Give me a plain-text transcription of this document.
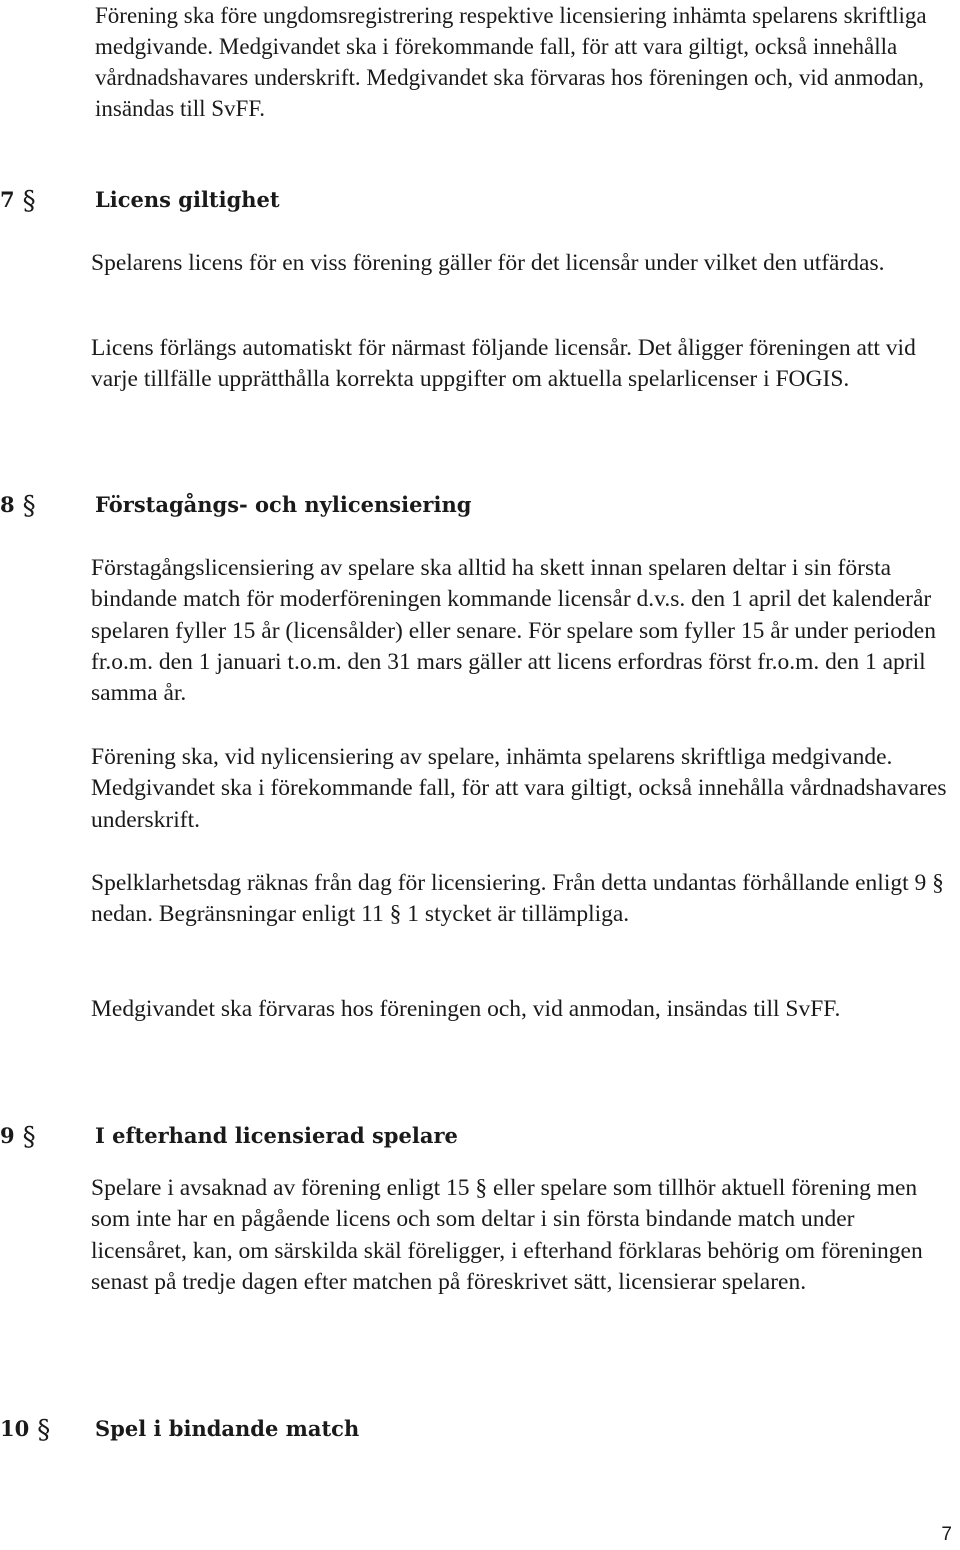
Förening ska före ungdomsregistrering respektive licensiering inhämta spelarens skriftliga medgivande. Medgivandet ska i förekommande fall, för att vara giltigt, också innehålla vårdnadshavares underskrift. Medgivandet ska förvaras hos föreningen och, vid anmodan, insändas till SvFF.

7 §	Licens giltighet

Spelarens licens för en viss förening gäller för det licensår under vilket den utfärdas.

Licens förlängs automatiskt för närmast följande licensår. Det åligger föreningen att vid varje tillfälle upprätthålla korrekta uppgifter om aktuella spelarlicenser i FOGIS.

8 §	Förstagångs- och nylicensiering

Förstagångslicensiering av spelare ska alltid ha skett innan spelaren deltar i sin första bindande match för moderföreningen kommande licensår d.v.s. den 1 april det kalenderår spelaren fyller 15 år (licensålder) eller senare. För spelare som fyller 15 år under perioden fr.o.m. den 1 januari t.o.m. den 31 mars gäller att licens erfordras först fr.o.m. den 1 april samma år.

Förening ska, vid nylicensiering av spelare, inhämta spelarens skriftliga medgivande. Medgivandet ska i förekommande fall, för att vara giltigt, också innehålla vårdnadshavares underskrift.

Spelklarhetsdag räknas från dag för licensiering. Från detta undantas förhållande enligt 9 § nedan. Begränsningar enligt 11 § 1 stycket är tillämpliga.

Medgivandet ska förvaras hos föreningen och, vid anmodan, insändas till SvFF.

9 §	I efterhand licensierad spelare

Spelare i avsaknad av förening enligt 15 § eller spelare som tillhör aktuell förening men som inte har en pågående licens och som deltar i sin första bindande match under licensåret, kan, om särskilda skäl föreligger, i efterhand förklaras behörig om föreningen senast på tredje dagen efter matchen på föreskrivet sätt, licensierar spelaren.

10 § Spel i bindande match
7
